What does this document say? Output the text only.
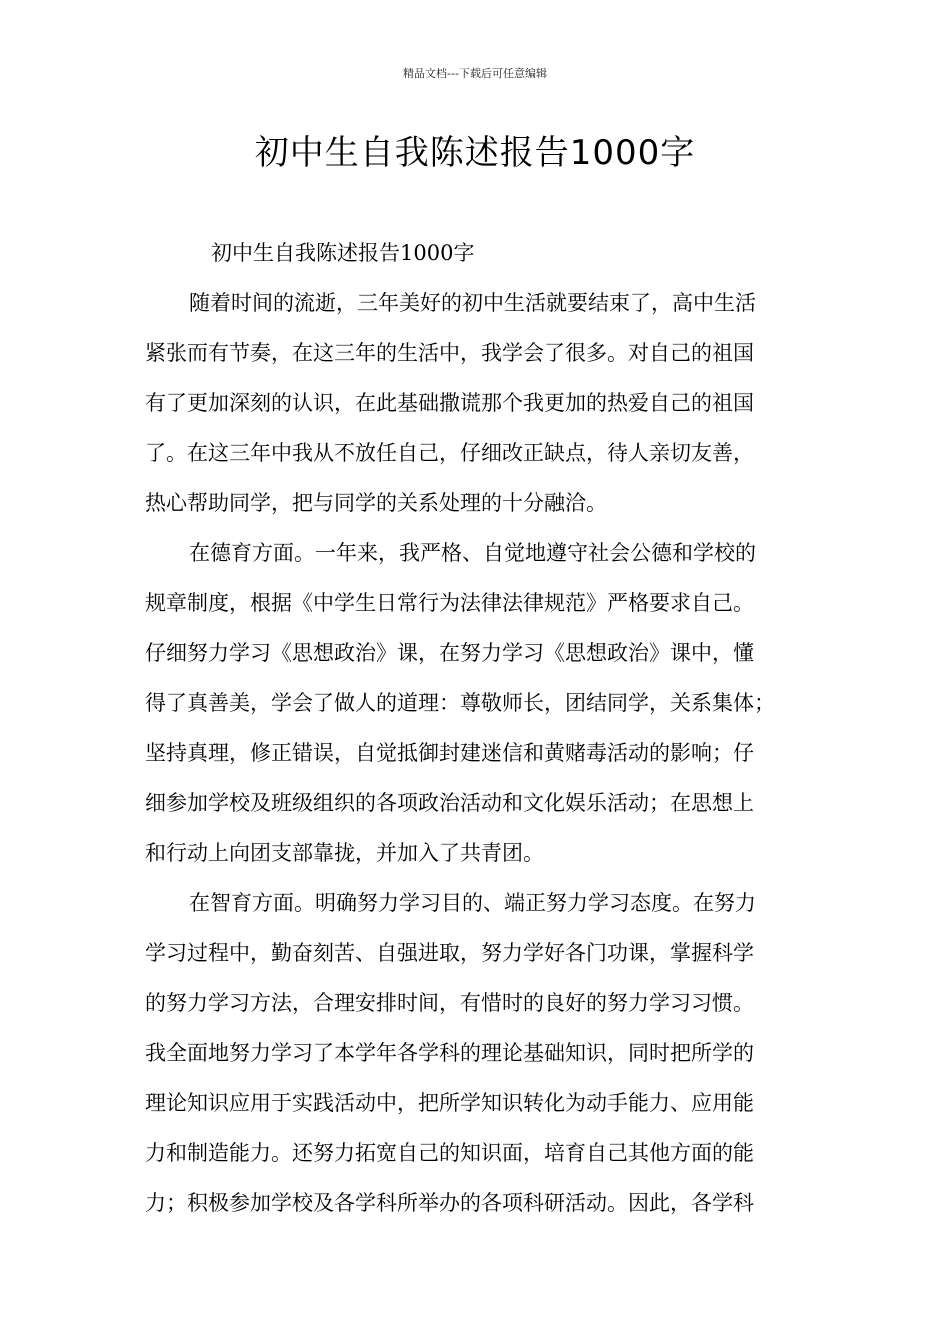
精品文档---下载后可任意编辑
初中生自我陈述报告1000字

初中生自我陈述报告1000字

随着时间的流逝，三年美好的初中生活就要结束了，高中生活
紧张而有节奏，在这三年的生活中，我学会了很多。对自己的祖国
有了更加深刻的认识，在此基础撒谎那个我更加的热爱自己的祖国
了。在这三年中我从不放任自己，仔细改正缺点，待人亲切友善，
热心帮助同学，把与同学的关系处理的十分融洽。

在德育方面。一年来，我严格、自觉地遵守社会公德和学校的
规章制度，根据《中学生日常行为法律法律规范》严格要求自己。
仔细努力学习《思想政治》课，在努力学习《思想政治》课中，懂
得了真善美，学会了做人的道理：尊敬师长，团结同学，关系集体；
坚持真理，修正错误，自觉抵御封建迷信和黄赌毒活动的影响；仔
细参加学校及班级组织的各项政治活动和文化娱乐活动；在思想上
和行动上向团支部靠拢，并加入了共青团。

在智育方面。明确努力学习目的、端正努力学习态度。在努力
学习过程中，勤奋刻苦、自强进取，努力学好各门功课，掌握科学
的努力学习方法，合理安排时间，有惜时的良好的努力学习习惯。
我全面地努力学习了本学年各学科的理论基础知识，同时把所学的
理论知识应用于实践活动中，把所学知识转化为动手能力、应用能
力和制造能力。还努力拓宽自己的知识面，培育自己其他方面的能
力；积极参加学校及各学科所举办的各项科研活动。因此，各学科
